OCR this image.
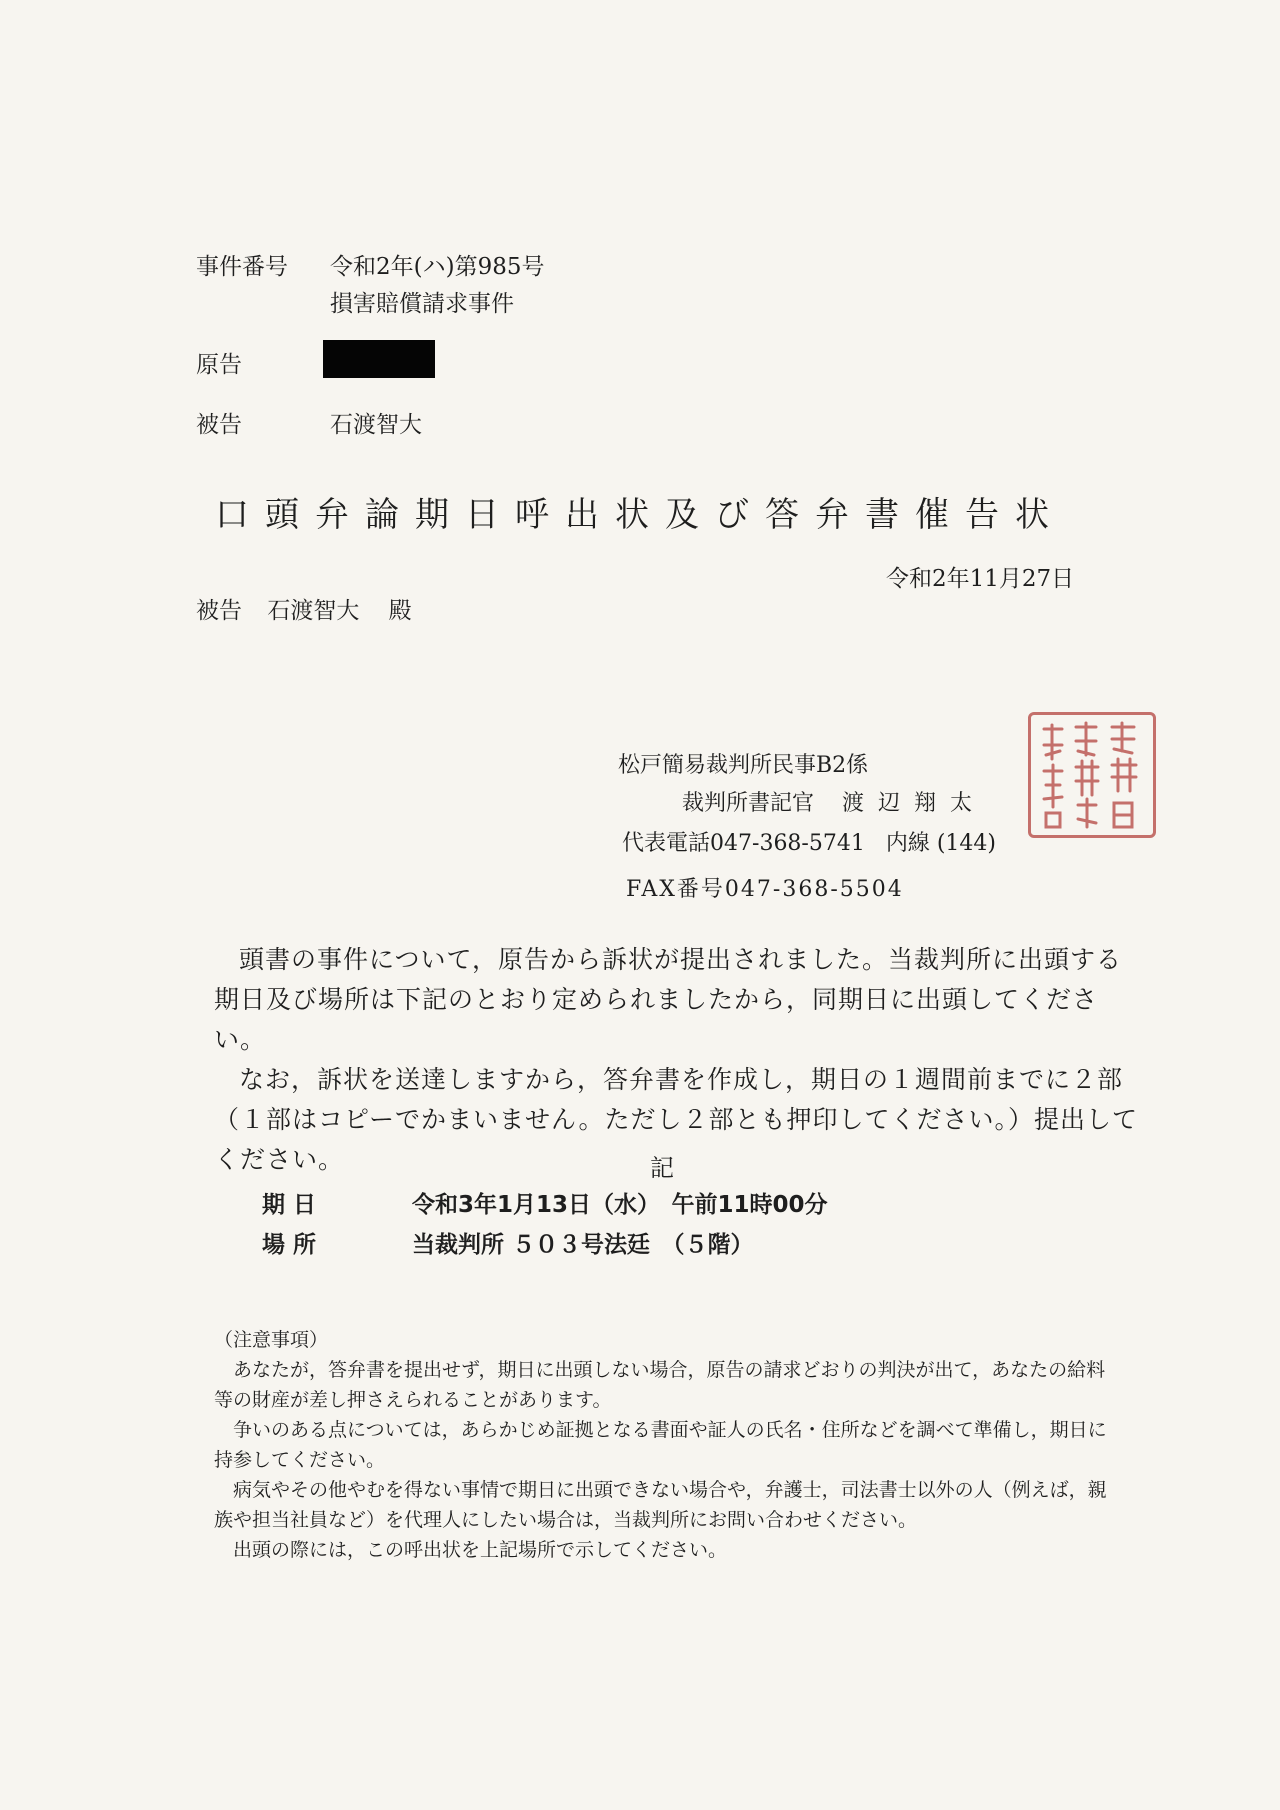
事件番号 令和2年(ハ)第985号
損害賠償請求事件
原告
被告	石渡智大
口頭弁論期日呼出状及び答弁書催告状
令和2年11月27日
被告 石渡智大 殿
松戸簡易裁判所民事B2係
裁判所書記官 渡辺翔太
代表電話047-368-5741 内線 (144)
FAX番号047-368-5504

頭書の事件について，原告から訴状が提出されました。当裁判所に出頭する期日及び場所は下記のとおり定められましたから，同期日に出頭してください。

なお，訴状を送達しますから，答弁書を作成し，期日の１週間前までに２部（１部はコピーでかまいません。ただし２部とも押印してください。）提出してください。	記
期 日	令和3年1月13日（水）　午前11時00分
場 所	当裁判所 ５０３号法廷　（５階）

（注意事項）

あなたが，答弁書を提出せず，期日に出頭しない場合，原告の請求どおりの判決が出て，あなたの給料等の財産が差し押さえられることがあります。

争いのある点については，あらかじめ証拠となる書面や証人の氏名・住所などを調べて準備し，期日に持参してください。

病気やその他やむを得ない事情で期日に出頭できない場合や，弁護士，司法書士以外の人（例えば，親族や担当社員など）を代理人にしたい場合は，当裁判所にお問い合わせください。

出頭の際には，この呼出状を上記場所で示してください。
